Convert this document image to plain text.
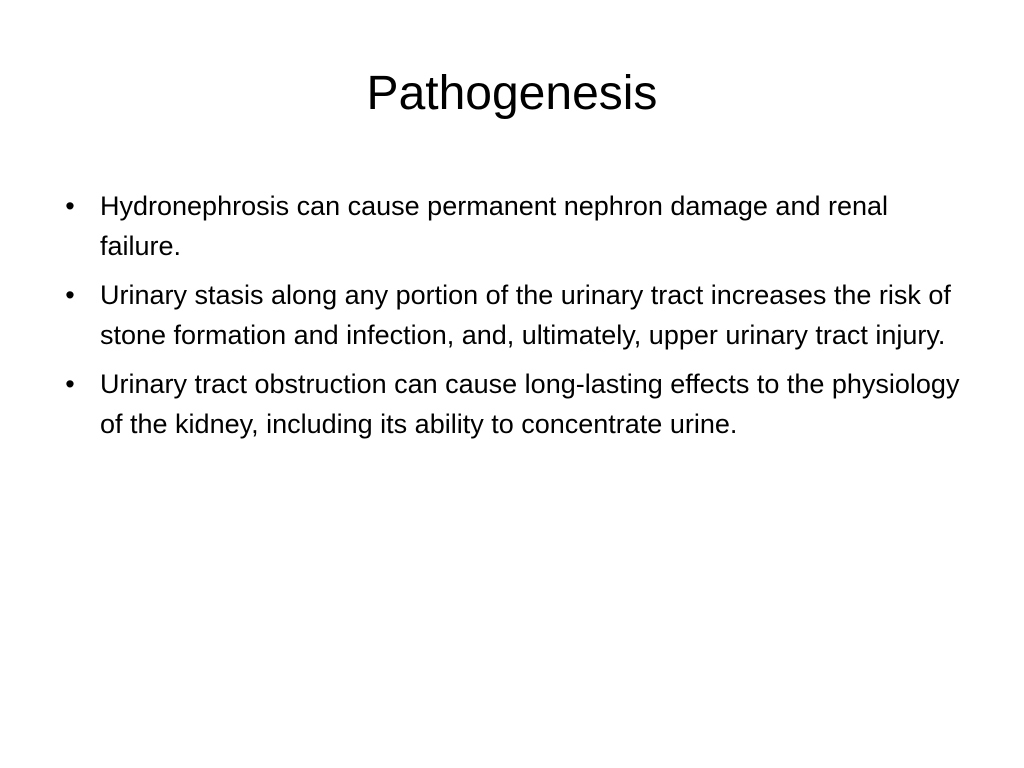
Pathogenesis
• Hydronephrosis can cause permanent nephron damage and renal failure.
• Urinary stasis along any portion of the urinary tract increases the risk of stone formation and infection, and, ultimately, upper urinary tract injury.
• Urinary tract obstruction can cause long-lasting effects to the physiology of the kidney, including its ability to concentrate urine.
